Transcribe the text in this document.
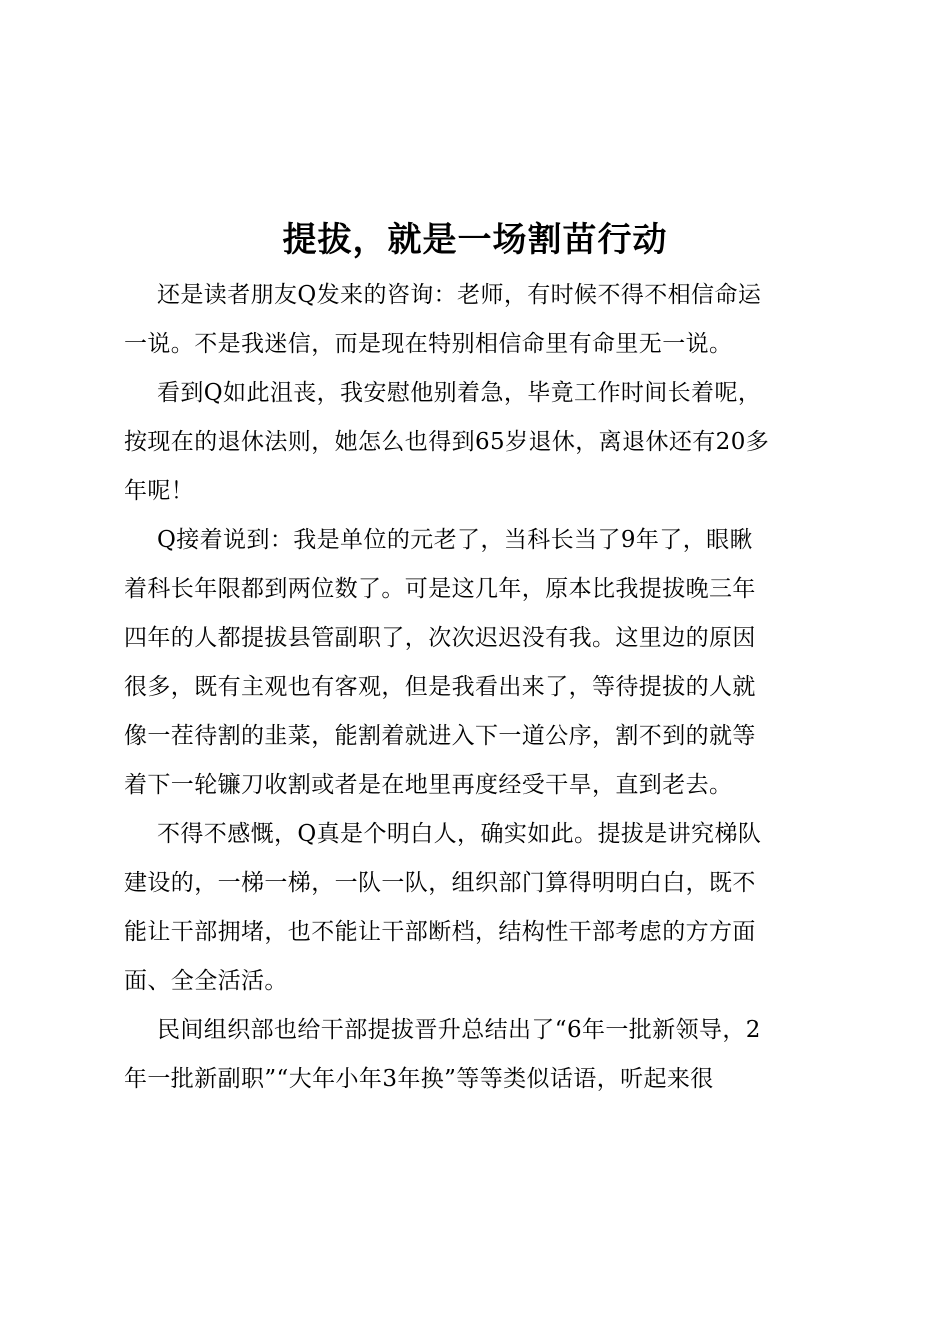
提拔，就是一场割苗行动
还是读者朋友Q发来的咨询：老师，有时候不得不相信命运
一说。不是我迷信，而是现在特别相信命里有命里无一说。
看到Q如此沮丧，我安慰他别着急，毕竟工作时间长着呢，
按现在的退休法则，她怎么也得到65岁退休，离退休还有20多
年呢！
Q接着说到：我是单位的元老了，当科长当了9年了，眼瞅
着科长年限都到两位数了。可是这几年，原本比我提拔晚三年
四年的人都提拔县管副职了，次次迟迟没有我。这里边的原因
很多，既有主观也有客观，但是我看出来了，等待提拔的人就
像一茬待割的韭菜，能割着就进入下一道公序，割不到的就等
着下一轮镰刀收割或者是在地里再度经受干旱，直到老去。
不得不感慨，Q真是个明白人，确实如此。提拔是讲究梯队
建设的，一梯一梯，一队一队，组织部门算得明明白白，既不
能让干部拥堵，也不能让干部断档，结构性干部考虑的方方面
面、全全活活。
民间组织部也给干部提拔晋升总结出了“6年一批新领导，2
年一批新副职”“大年小年3年换”等等类似话语，听起来很
